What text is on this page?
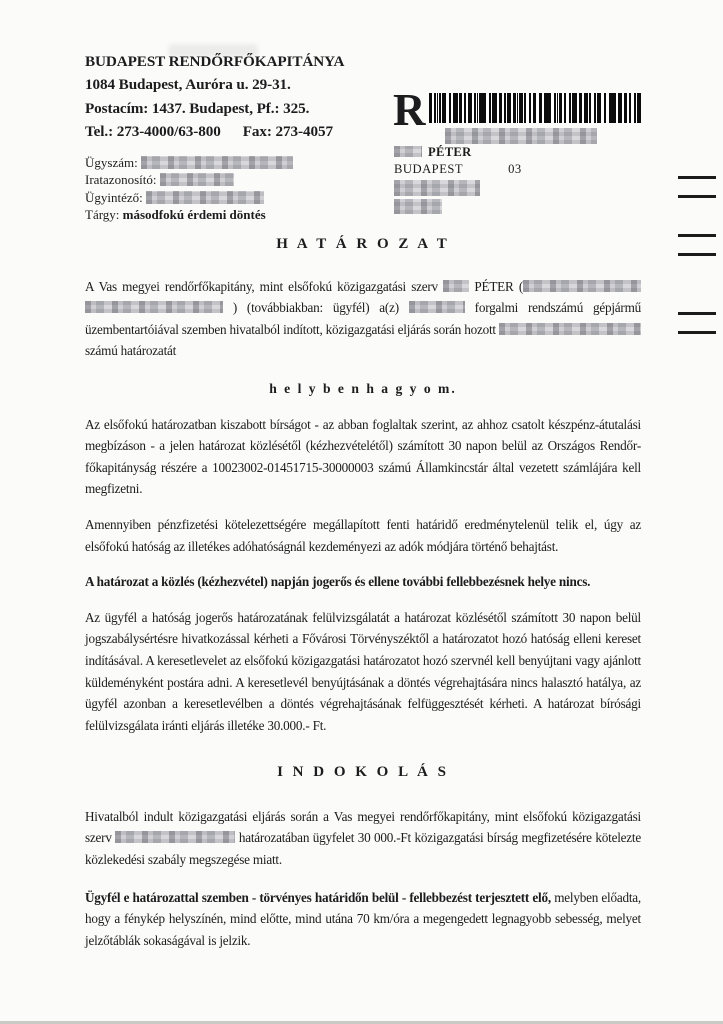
BUDAPEST RENDŐRFŐKAPITÁNYA
1084 Budapest, Auróra u. 29-31.
Postacím: 1437. Budapest, Pf.: 325.
Tel.: 273-4000/63-800 Fax: 273-4057 R
PÉTER
BUDAPEST	03
Ügyszám:
Iratazonosító:
Ügyintéző:
Tárgy: másodfokú érdemi döntés
H A T Á R O Z A T

A Vas megyei rendőrfőkapitány, mint elsőfokú közigazgatási szerv  PÉTER (  ) (továbbiakban: ügyfél) a(z)	forgalmi rendszámú gépjármű üzembentartóiával szemben hivatalból indított, közigazgatási eljárás során hozott  számú határozatát

h e l y b e n h a g y o m.

Az elsőfokú határozatban kiszabott bírságot - az abban foglaltak szerint, az ahhoz csatolt készpénz-átutalási megbízáson - a jelen határozat közlésétől (kézhezvételétől) számított 30 napon belül az Országos Rendőr- főkapitányság részére a 10023002-01451715-30000003 számú Államkincstár által vezetett számlájára kell megfizetni.

Amennyiben pénzfizetési kötelezettségére megállapított fenti határidő eredménytelenül telik el, úgy az elsőfokú hatóság az illetékes adóhatóságnál kezdeményezi az adók módjára történő behajtást.

A határozat a közlés (kézhezvétel) napján jogerős és ellene további fellebbezésnek helye nincs.

Az ügyfél a hatóság jogerős határozatának felülvizsgálatát a határozat közlésétől számított 30 napon belül jogszabálysértésre hivatkozással kérheti a Fővárosi Törvényszéktől a határozatot hozó hatóság elleni kereset indításával. A keresetlevelet az elsőfokú közigazgatási határozatot hozó szervnél kell benyújtani vagy ajánlott küldeményként postára adni. A keresetlevél benyújtásának a döntés végrehajtására nincs halasztó hatálya, az ügyfél azonban a keresetlevélben a döntés végrehajtásának felfüggesztését kérheti. A határozat bírósági felülvizsgálata iránti eljárás illetéke 30.000.- Ft.

I N D O K O L Á S

Hivatalból indult közigazgatási eljárás során a Vas megyei rendőrfőkapitány, mint elsőfokú közigazgatási szerv	határozatában ügyfelet 30 000.-Ft közigazgatási bírság megfizetésére kötelezte közlekedési szabály megszegése miatt.

Ügyfél e határozattal szemben - törvényes határidőn belül - fellebbezést terjesztett elő, melyben előadta, hogy a fénykép helyszínén, mind előtte, mind utána 70 km/óra a megengedett legnagyobb sebesség, melyet jelzőtáblák sokaságával is jelzik.
